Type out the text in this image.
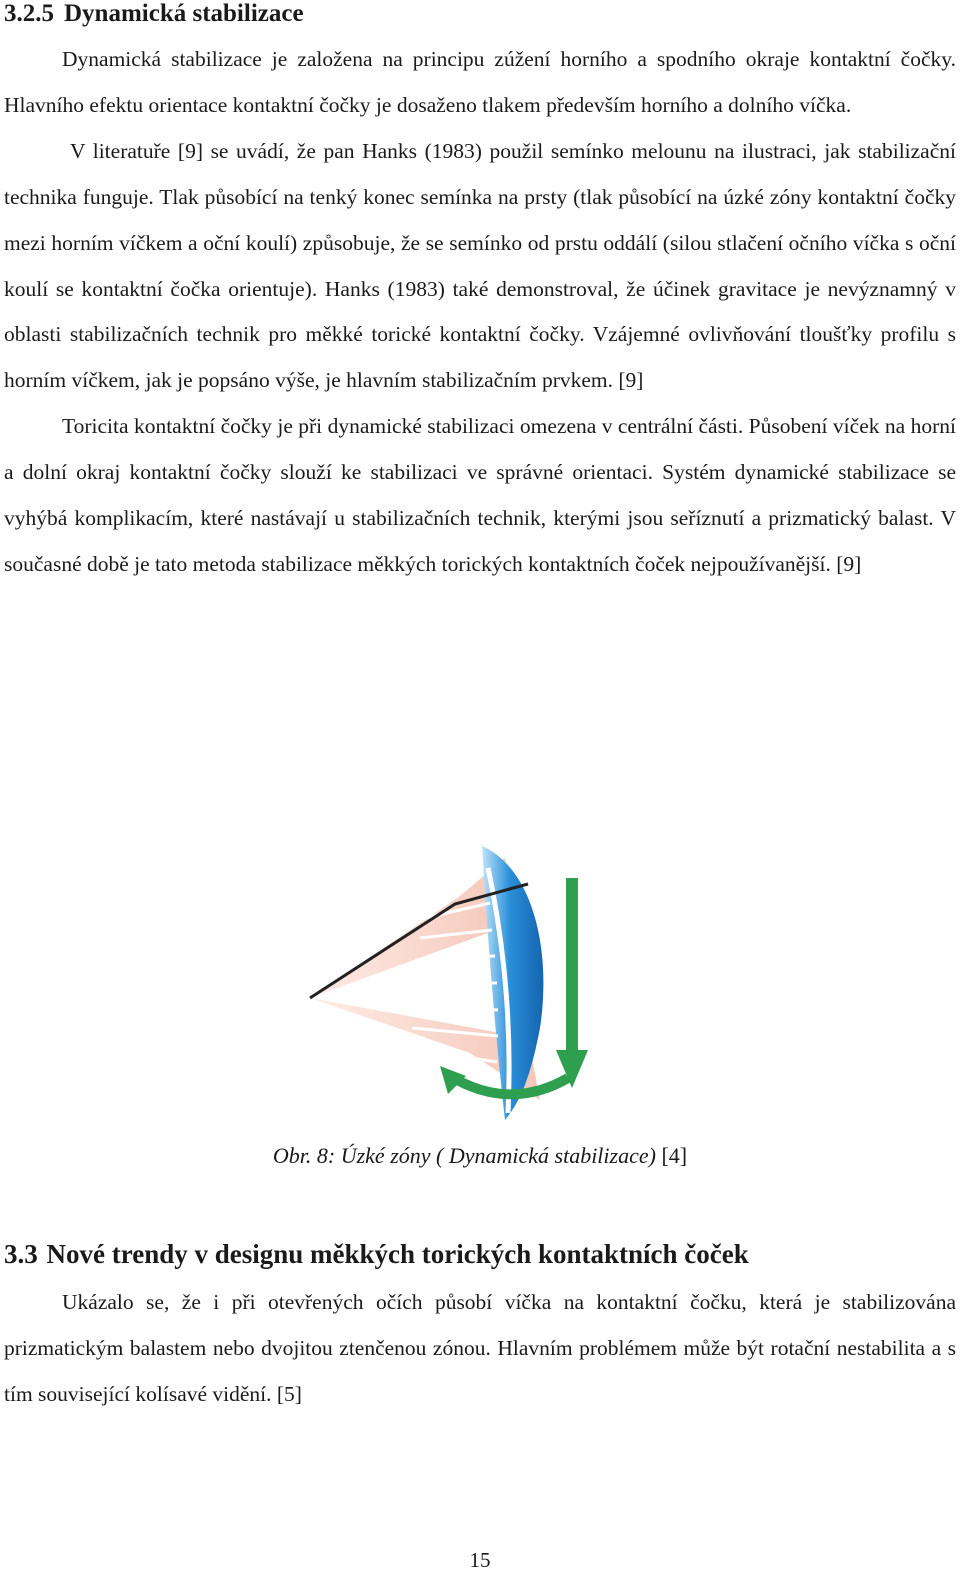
3.2.5 Dynamická stabilizace

Dynamická stabilizace je založena na principu zúžení horního a spodního okraje kontaktní čočky. Hlavního efektu orientace kontaktní čočky je dosaženo tlakem především horního a dolního víčka.

V literatuře [9] se uvádí, že pan Hanks (1983) použil semínko melounu na ilustraci, jak stabilizační technika funguje. Tlak působící na tenký konec semínka na prsty (tlak působící na úzké zóny kontaktní čočky mezi horním víčkem a oční koulí) způsobuje, že se semínko od prstu oddálí (silou stlačení očního víčka s oční koulí se kontaktní čočka orientuje). Hanks (1983) také demonstroval, že účinek gravitace je nevýznamný v oblasti stabilizačních technik pro měkké torické kontaktní čočky. Vzájemné ovlivňování tloušťky profilu s horním víčkem, jak je popsáno výše, je hlavním stabilizačním prvkem. [9]

Toricita kontaktní čočky je při dynamické stabilizaci omezena v centrální části. Působení víček na horní a dolní okraj kontaktní čočky slouží ke stabilizaci ve správné orientaci. Systém dynamické stabilizace se vyhýbá komplikacím, které nastávají u stabilizačních technik, kterými jsou seříznutí a prizmatický balast. V současné době je tato metoda stabilizace měkkých torických kontaktních čoček nejpoužívanější. [9]

Obr. 8: Úzké zóny ( Dynamická stabilizace) [4]
3.3 Nové trendy v designu měkkých torických kontaktních čoček

Ukázalo se, že i při otevřených očích působí víčka na kontaktní čočku, která je stabilizována prizmatickým balastem nebo dvojitou ztenčenou zónou. Hlavním problémem může být rotační nestabilita a s tím související kolísavé vidění. [5]

15
